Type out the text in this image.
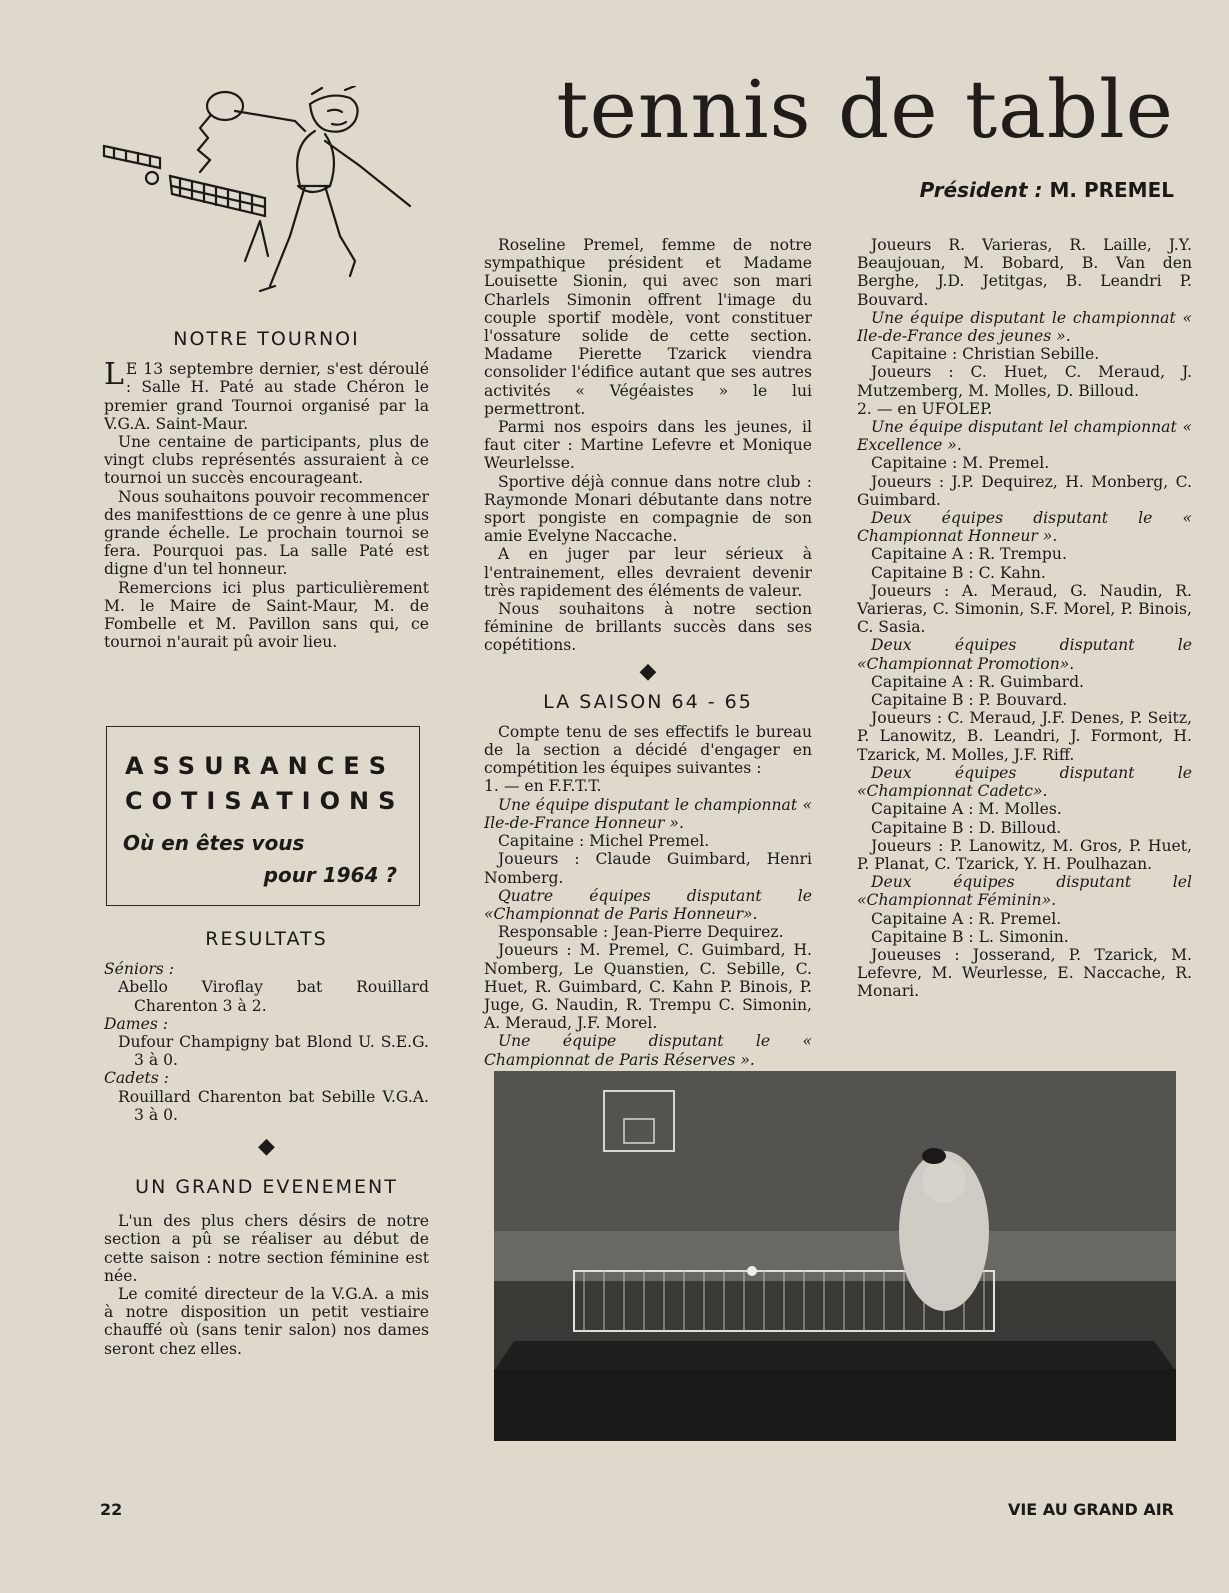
tennis de table
Président : M. PREMEL
NOTRE TOURNOI

L E 13 septembre dernier, s'est déroulé : Salle H. Paté au stade Chéron le premier grand Tournoi organisé par la V.G.A. Saint-Maur.

Une centaine de participants, plus de vingt clubs représentés assuraient à ce tournoi un succès encourageant.

Nous souhaitons pouvoir recommencer des manifesttions de ce genre à une plus grande échelle. Le prochain tournoi se fera. Pourquoi pas. La salle Paté est digne d'un tel honneur.

Remercions ici plus particulièrement M. le Maire de Saint-Maur, M. de Fombelle et M. Pavillon sans qui, ce tournoi n'aurait pû avoir lieu.

ASSURANCES
COTISATIONS
Où en êtes vous
pour 1964 ?
RESULTATS

Séniors :

Abello Viroflay bat Rouillard Charenton 3 à 2.

Dames :

Dufour Champigny bat Blond U. S.E.G. 3 à 0.

Cadets :

Rouillard Charenton bat Sebille V.G.A. 3 à 0.

◆
UN GRAND EVENEMENT

L'un des plus chers désirs de notre section a pû se réaliser au début de cette saison : notre section féminine est née.

Le comité directeur de la V.G.A. a mis à notre disposition un petit vestiaire chauffé où (sans tenir salon) nos dames seront chez elles.

Roseline Premel, femme de notre sympathique président et Madame Louisette Sionin, qui avec son mari Charlels Simonin offrent l'image du couple sportif modèle, vont constituer l'ossature solide de cette section. Madame Pierette Tzarick viendra consolider l'édifice autant que ses autres activités « Végéaistes » le lui permettront.

Parmi nos espoirs dans les jeunes, il faut citer : Martine Lefevre et Monique Weurlelsse.

Sportive déjà connue dans notre club : Raymonde Monari débutante dans notre sport pongiste en compagnie de son amie Evelyne Naccache.

A en juger par leur sérieux à l'entrainement, elles devraient devenir très rapidement des éléments de valeur.

Nous souhaitons à notre section féminine de brillants succès dans ses copétitions.

◆
LA SAISON 64 - 65

Compte tenu de ses effectifs le bureau de la section a décidé d'engager en compétition les équipes suivantes :

1. — en F.F.T.T.

Une équipe disputant le championnat « Ile-de-France Honneur ».

Capitaine : Michel Premel.

Joueurs : Claude Guimbard, Henri Nomberg.

Quatre équipes disputant le «Championnat de Paris Honneur».

Responsable : Jean-Pierre Dequirez.

Joueurs : M. Premel, C. Guimbard, H. Nomberg, Le Quanstien, C. Sebille, C. Huet, R. Guimbard, C. Kahn P. Binois, P. Juge, G. Naudin, R. Trempu C. Simonin, A. Meraud, J.F. Morel.

Une équipe disputant le « Championnat de Paris Réserves ».

Joueurs R. Varieras, R. Laille, J.Y. Beaujouan, M. Bobard, B. Van den Berghe, J.D. Jetitgas, B. Leandri P. Bouvard.

Une équipe disputant le championnat « Ile-de-France des jeunes ».

Capitaine : Christian Sebille.

Joueurs : C. Huet, C. Meraud, J. Mutzemberg, M. Molles, D. Billoud.

2. — en UFOLEP.

Une équipe disputant lel championnat « Excellence ».

Capitaine : M. Premel.

Joueurs : J.P. Dequirez, H. Monberg, C. Guimbard.

Deux équipes disputant le « Championnat Honneur ».

Capitaine A : R. Trempu.

Capitaine B : C. Kahn.

Joueurs : A. Meraud, G. Naudin, R. Varieras, C. Simonin, S.F. Morel, P. Binois, C. Sasia.

Deux équipes disputant le «Championnat Promotion».

Capitaine A : R. Guimbard.

Capitaine B : P. Bouvard.

Joueurs : C. Meraud, J.F. Denes, P. Seitz, P. Lanowitz, B. Leandri, J. Formont, H. Tzarick, M. Molles, J.F. Riff.

Deux équipes disputant le «Championnat Cadetc».

Capitaine A : M. Molles.

Capitaine B : D. Billoud.

Joueurs : P. Lanowitz, M. Gros, P. Huet, P. Planat, C. Tzarick, Y. H. Poulhazan.

Deux équipes disputant lel «Championnat Féminin».

Capitaine A : R. Premel.

Capitaine B : L. Simonin.

Joueuses : Josserand, P. Tzarick, M. Lefevre, M. Weurlesse, E. Naccache, R. Monari.

22	VIE AU GRAND AIR
